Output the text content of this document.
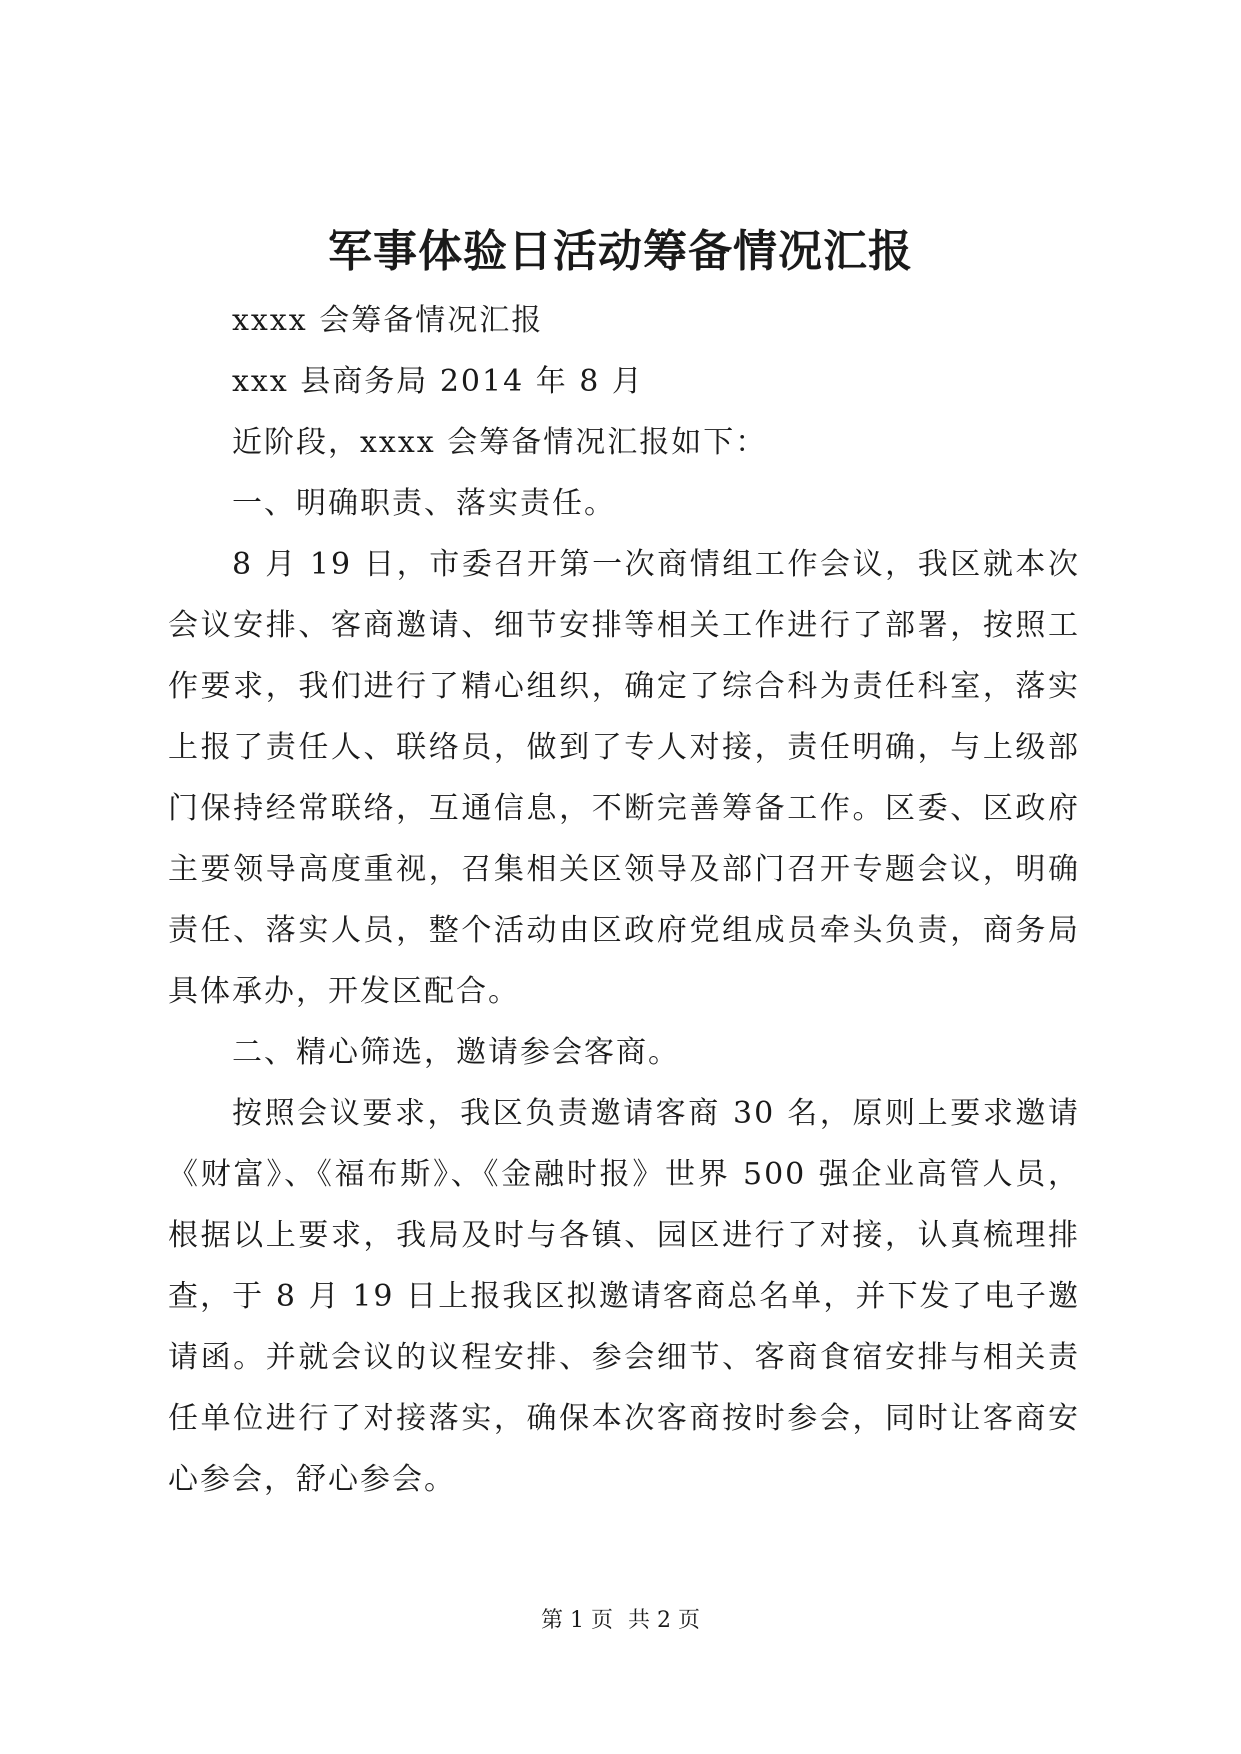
军事体验日活动筹备情况汇报

xxxx 会筹备情况汇报

xxx 县商务局 2014 年 8 月

近阶段，xxxx 会筹备情况汇报如下：

一、明确职责、落实责任。

8 月 19 日，市委召开第一次商情组工作会议，我区就本次会议安排、客商邀请、细节安排等相关工作进行了部署，按照工作要求，我们进行了精心组织，确定了综合科为责任科室，落实上报了责任人、联络员，做到了专人对接，责任明确，与上级部门保持经常联络，互通信息，不断完善筹备工作。区委、区政府主要领导高度重视，召集相关区领导及部门召开专题会议，明确责任、落实人员，整个活动由区政府党组成员牵头负责，商务局具体承办，开发区配合。

二、精心筛选，邀请参会客商。

按照会议要求，我区负责邀请客商 30 名，原则上要求邀请《财富》、《福布斯》、《金融时报》世界 500 强企业高管人员，根据以上要求，我局及时与各镇、园区进行了对接，认真梳理排查，于 8 月 19 日上报我区拟邀请客商总名单，并下发了电子邀请函。并就会议的议程安排、参会细节、客商食宿安排与相关责任单位进行了对接落实，确保本次客商按时参会，同时让客商安心参会，舒心参会。

第 1 页 共 2 页
